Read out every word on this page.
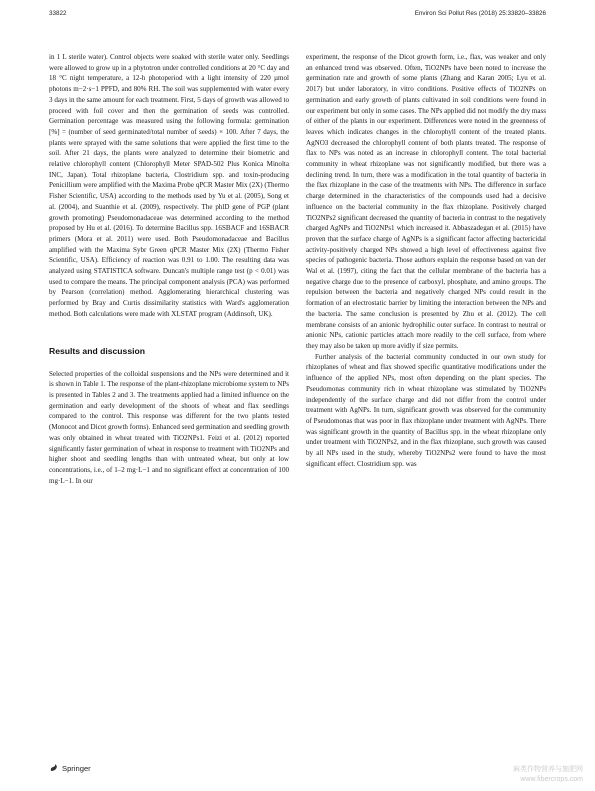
33822	Environ Sci Pollut Res (2018) 25:33820–33826

in 1 L sterile water). Control objects were soaked with sterile water only. Seedlings were allowed to grow up in a phytotron under controlled conditions at 20 °C day and 18 °C night temperature, a 12-h photoperiod with a light intensity of 220 µmol photons m−2·s−1 PPFD, and 80% RH. The soil was supplemented with water every 3 days in the same amount for each treatment. First, 5 days of growth was allowed to proceed with foil cover and then the germination of seeds was controlled. Germination percentage was measured using the following formula: germination [%] = (number of seed germinated/total number of seeds) × 100. After 7 days, the plants were sprayed with the same solutions that were applied the first time to the soil. After 21 days, the plants were analyzed to determine their biometric and relative chlorophyll content (Chlorophyll Meter SPAD-502 Plus Konica Minolta INC, Japan). Total rhizoplane bacteria, Clostridium spp. and toxin-producing Penicillium were amplified with the Maxima Probe qPCR Master Mix (2X) (Thermo Fisher Scientific, USA) according to the methods used by Yu et al. (2005), Song et al. (2004), and Suanthie et al. (2009), respectively. The phlD gene of PGP (plant growth promoting) Pseudomonadaceae was determined according to the method proposed by Hu et al. (2016). To determine Bacillus spp. 16SBACF and 16SBACR primers (Mora et al. 2011) were used. Both Pseudomonadaceae and Bacillus amplified with the Maxima Sybr Green qPCR Master Mix (2X) (Thermo Fisher Scientific, USA). Efficiency of reaction was 0.91 to 1.00. The resulting data was analyzed using STATISTICA software. Duncan's multiple range test (p < 0.01) was used to compare the means. The principal component analysis (PCA) was performed by Pearson (correlation) method. Agglomerating hierarchical clustering was performed by Bray and Curtis dissimilarity statistics with Ward's agglomeration method. Both calculations were made with XLSTAT program (Addinsoft, UK).

Results and discussion

Selected properties of the colloidal suspensions and the NPs were determined and it is shown in Table 1. The response of the plant-rhizoplane microbiome system to NPs is presented in Tables 2 and 3. The treatments applied had a limited influence on the germination and early development of the shoots of wheat and flax seedlings compared to the control. This response was different for the two plants tested (Monocot and Dicot growth forms). Enhanced seed germination and seedling growth was only obtained in wheat treated with TiO2NPs1. Feizi et al. (2012) reported significantly faster germination of wheat in response to treatment with TiO2NPs and higher shoot and seedling lengths than with untreated wheat, but only at low concentrations, i.e., of 1–2 mg·L−1 and no significant effect at concentration of 100 mg·L−1. In our

experiment, the response of the Dicot growth form, i.e., flax, was weaker and only an enhanced trend was observed. Often, TiO2NPs have been noted to increase the germination rate and growth of some plants (Zhang and Karan 2005; Lyu et al. 2017) but under laboratory, in vitro conditions. Positive effects of TiO2NPs on germination and early growth of plants cultivated in soil conditions were found in our experiment but only in some cases. The NPs applied did not modify the dry mass of either of the plants in our experiment. Differences were noted in the greenness of leaves which indicates changes in the chlorophyll content of the treated plants. AgNO3 decreased the chlorophyll content of both plants treated. The response of flax to NPs was noted as an increase in chlorophyll content. The total bacterial community in wheat rhizoplane was not significantly modified, but there was a declining trend. In turn, there was a modification in the total quantity of bacteria in the flax rhizoplane in the case of the treatments with NPs. The difference in surface charge determined in the characteristics of the compounds used had a decisive influence on the bacterial community in the flax rhizoplane. Positively charged TiO2NPs2 significant decreased the quantity of bacteria in contrast to the negatively charged AgNPs and TiO2NPs1 which increased it. Abbaszadegan et al. (2015) have proven that the surface charge of AgNPs is a significant factor affecting bactericidal activity-positively charged NPs showed a high level of effectiveness against five species of pathogenic bacteria. Those authors explain the response based on van der Wal et al. (1997), citing the fact that the cellular membrane of the bacteria has a negative charge due to the presence of carboxyl, phosphate, and amino groups. The repulsion between the bacteria and negatively charged NPs could result in the formation of an electrostatic barrier by limiting the interaction between the NPs and the bacteria. The same conclusion is presented by Zhu et al. (2012). The cell membrane consists of an anionic hydrophilic outer surface. In contrast to neutral or anionic NPs, cationic particles attach more readily to the cell surface, from where they may also be taken up more avidly if size permits.

Further analysis of the bacterial community conducted in our own study for rhizoplanes of wheat and flax showed specific quantitative modifications under the influence of the applied NPs, most often depending on the plant species. The Pseudomonas community rich in wheat rhizoplane was stimulated by TiO2NPs independently of the surface charge and did not differ from the control under treatment with AgNPs. In turn, significant growth was observed for the community of Pseudomonas that was poor in flax rhizoplane under treatment with AgNPs. There was significant growth in the quantity of Bacillus spp. in the wheat rhizoplane only under treatment with TiO2NPs2, and in the flax rhizoplane, such growth was caused by all NPs used in the study, whereby TiO2NPs2 were found to have the most significant effect. Clostridium spp. was

Springer	麻类作物营养与施肥网
www.fibercrops.com
